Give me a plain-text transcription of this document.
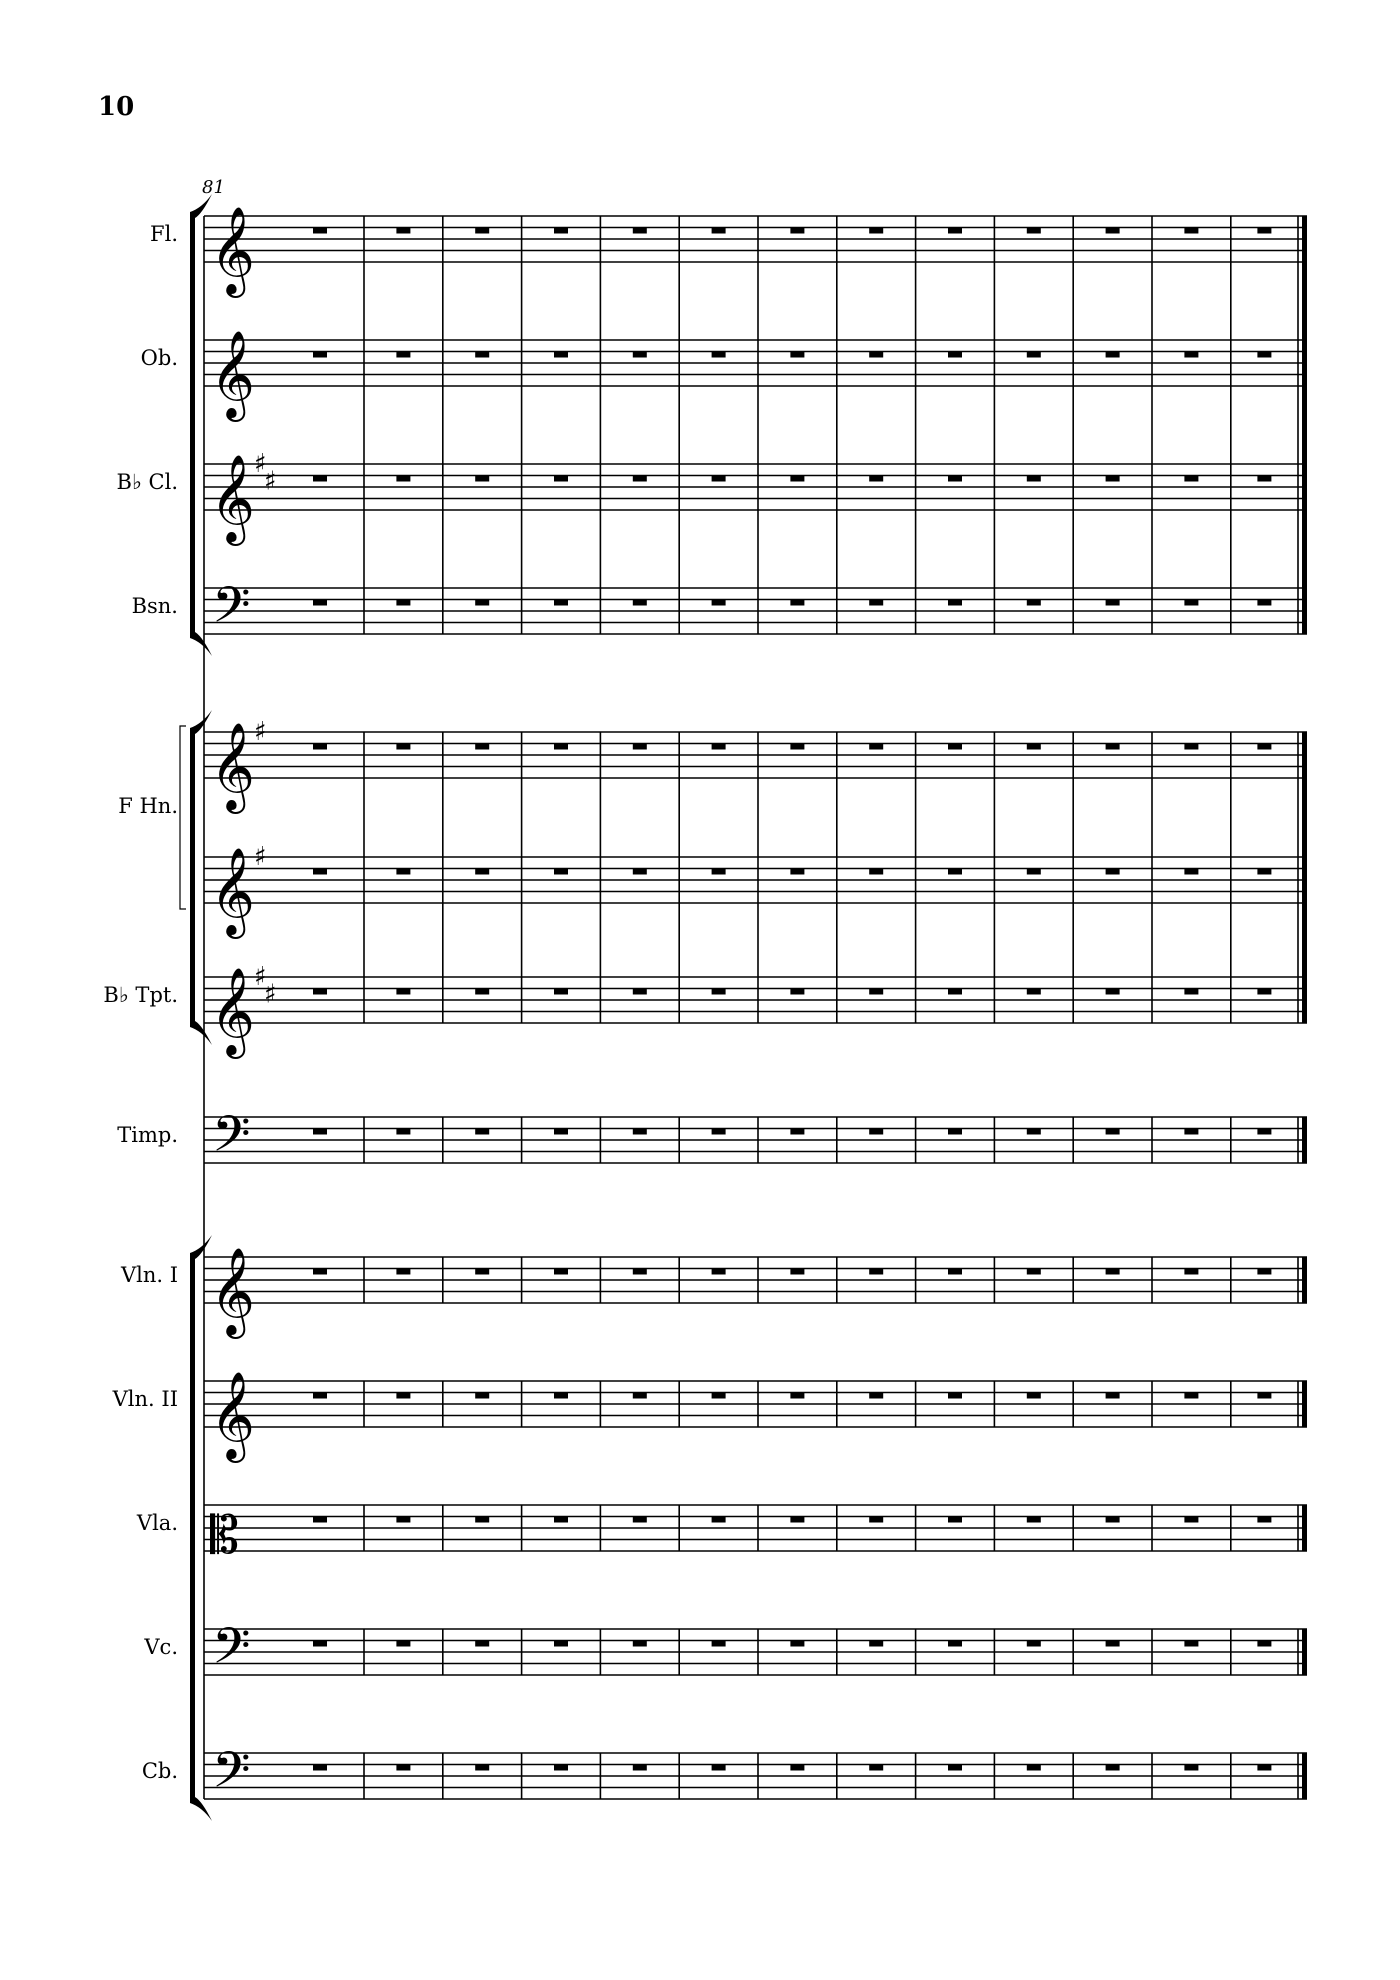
10
81
Fl.
Ob.
B♭ Cl.
Bsn.
F Hn.
B♭ Tpt.
Timp.
Vln. I
Vln. II
Vla.
Vc.
Cb.
𝄞
𝄞
𝄞 ♯
♯
𝄢
𝄞 ♯
𝄞 ♯
𝄞 ♯
♯
𝄢
𝄞
𝄞
𝄡
𝄢
𝄢
